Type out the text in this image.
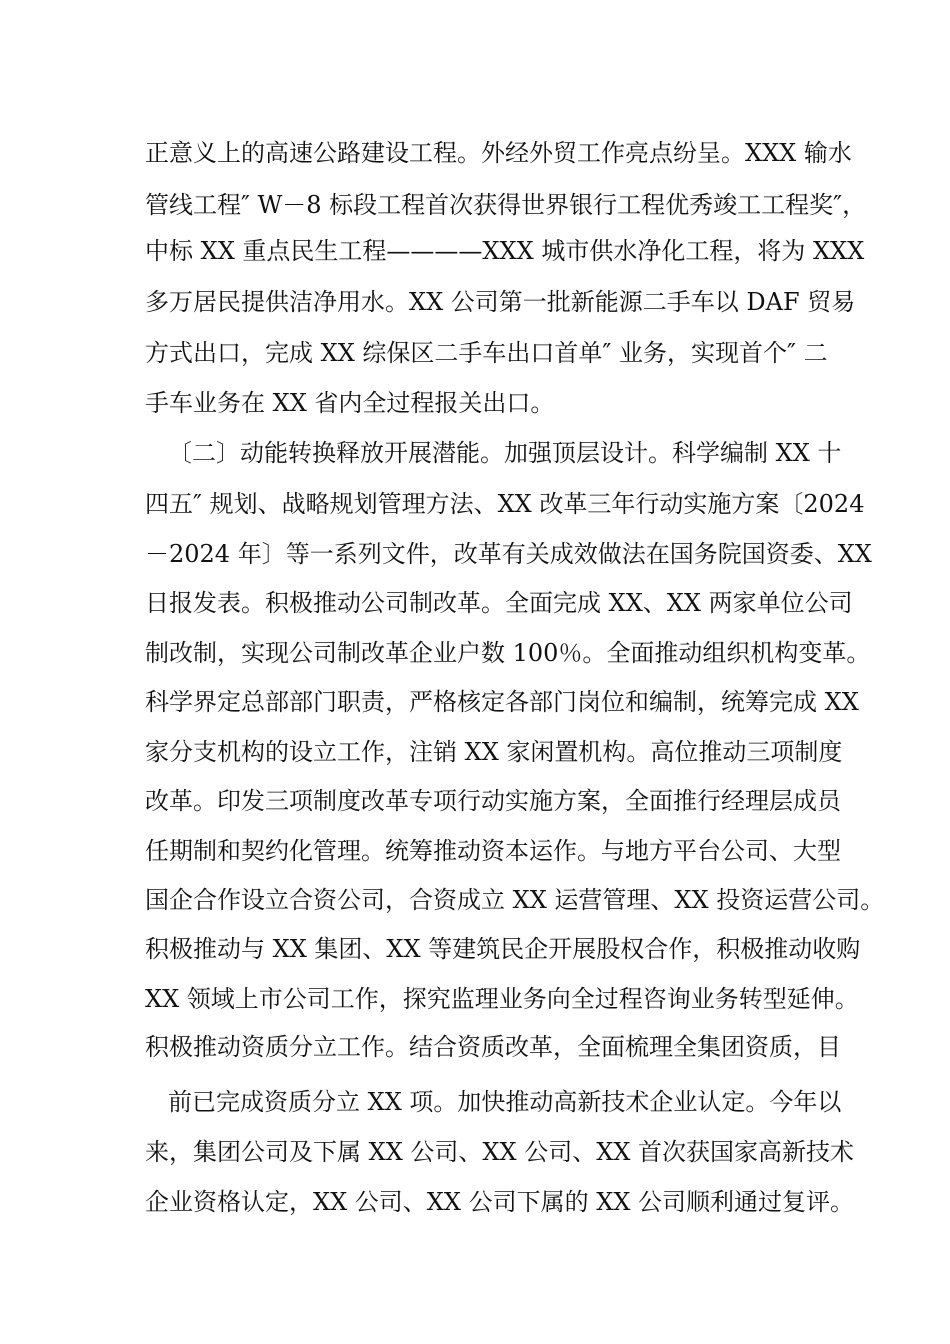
正意义上的高速公路建设工程。外经外贸工作亮点纷呈。XXX 输水
管线工程″ W－8 标段工程首次获得世界银行工程优秀竣工工程奖″，
中标 XX 重点民生工程————XXX 城市供水净化工程，将为 XXX
多万居民提供洁净用水。XX 公司第一批新能源二手车以 DAF 贸易
方式出口，完成 XX 综保区二手车出口首单″ 业务，实现首个″ 二
手车业务在 XX 省内全过程报关出口。
〔二〕动能转换释放开展潜能。加强顶层设计。科学编制 XX 十
四五″ 规划、战略规划管理方法、XX 改革三年行动实施方案〔2024
－2024 年〕等一系列文件，改革有关成效做法在国务院国资委、XX
日报发表。积极推动公司制改革。全面完成 XX、XX 两家单位公司
制改制，实现公司制改革企业户数 100％。全面推动组织机构变革。
科学界定总部部门职责，严格核定各部门岗位和编制，统筹完成 XX
家分支机构的设立工作，注销 XX 家闲置机构。高位推动三项制度
改革。印发三项制度改革专项行动实施方案，全面推行经理层成员
任期制和契约化管理。统筹推动资本运作。与地方平台公司、大型
国企合作设立合资公司，合资成立 XX 运营管理、XX 投资运营公司。
积极推动与 XX 集团、XX 等建筑民企开展股权合作，积极推动收购
XX 领域上市公司工作，探究监理业务向全过程咨询业务转型延伸。
积极推动资质分立工作。结合资质改革，全面梳理全集团资质，目
前已完成资质分立 XX 项。加快推动高新技术企业认定。今年以
来，集团公司及下属 XX 公司、XX 公司、XX 首次获国家高新技术
企业资格认定，XX 公司、XX 公司下属的 XX 公司顺利通过复评。
